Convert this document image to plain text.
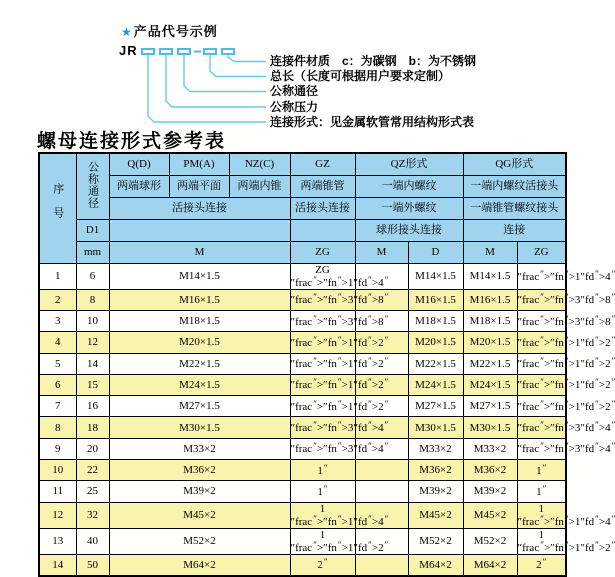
★产品代号示例
JR
连接件材质　c：为碳钢　b：为不锈钢
总长（长度可根据用户要求定制）
公称通径
公称压力
连接形式：见金属软管常用结构形式表
螺母连接形式参考表
序号	公称通径	Q(D)	PM(A)	NZ(C)	GZ	QZ形式		QG形式	
		两端球形	两端平面	两端内锥	两端锥管	一端内螺纹		一端内螺纹活接头	
		活接头连接			活接头连接	一端外螺纹		一端锥管螺纹接头	
	D1					球形接头连接		连接	
	mm	M			ZG	M	D	M	ZG
1	6	M14×1.5			ZG ″frac″>″fn″>1″fd″>4″		M14×1.5	M14×1.5	″frac″>″fn″>1″fd″>4
2	8	M16×1.5			″frac″>″fn″>3″ ″ ″		M16×1.5	M16×1.5	″frac″>″fn″>3″fd″>8
3	10	M18×1.5			″frac″>″fn″>3″fd″>8″		M18×1.5	M18×1.5	″frac″>″fn″>3″fd″>8
4	12	M20×1.5			″frac″>″fn″>1″ ″ ″		M20×1.5	M20×1.5	″frac″>″fn″>1″fd″>2
5	14	M22×1.5			″frac″>″fn″>1″fd″>2″		M22×1.5	M22×1.5	″frac″>″fn″>1″fd″>2
6	15	M24×1.5			″frac″>″fn″>1″ ″ ″		M24×1.5	M24×1.5	″frac″>″fn″>1″fd″>2
7	16	M27×1.5			″frac″>″fn″>1″fd″>2″		M27×1.5	M27×1.5	″frac″>″fn″>1″fd″>2
8	18	M30×1.5			″frac″>″fn″>3″ ″ ″		M30×1.5	M30×1.5	″frac″>″fn″>3″fd″>4
9	20	M33×2			″frac″>″fn″>3″fd″>4″		M33×2	M33×2	″frac″>″fn″>3″fd″>4
10	22	M36×2			1″		M36×2	M36×2	1″
11	25	M39×2			1″		M39×2	M39×2	1″
12	32	M45×2			1 ″frac″>″fn″>1″ ″ ″		M45×2	M45×2	1 ″frac″>″fn″>1″fd″>4
13	40	M52×2			1 ″frac″>″fn″>1″fd″>2″		M52×2	M52×2	1 ″frac″>″fn″>1″fd″>2
14	50	M64×2			2″		M64×2	M64×2	2″
